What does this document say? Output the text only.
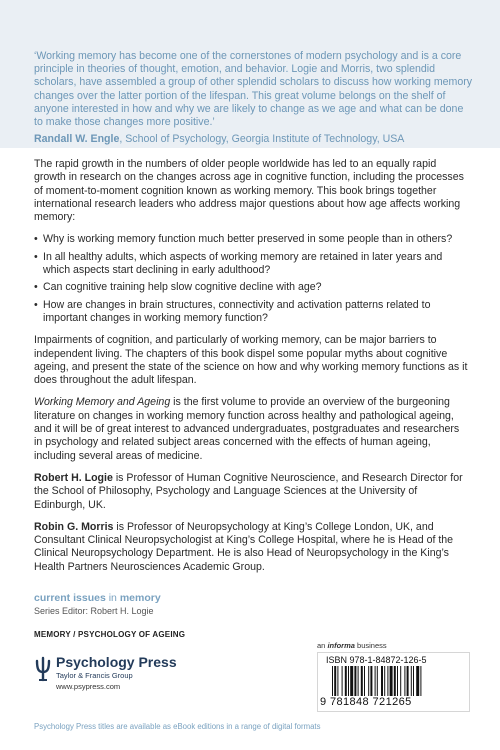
‘Working memory has become one of the cornerstones of modern psychology and is a core principle in theories of thought, emotion, and behavior. Logie and Morris, two splendid scholars, have assembled a group of other splendid scholars to discuss how working memory changes over the latter portion of the lifespan. This great volume belongs on the shelf of anyone interested in how and why we are likely to change as we age and what can be done to make those changes more positive.’

Randall W. Engle, School of Psychology, Georgia Institute of Technology, USA

The rapid growth in the numbers of older people worldwide has led to an equally rapid growth in research on the changes across age in cognitive function, including the processes of moment-to-moment cognition known as working memory. This book brings together international research leaders who address major questions about how age affects working memory:

• Why is working memory function much better preserved in some people than in others?
• In all healthy adults, which aspects of working memory are retained in later years and which aspects start declining in early adulthood?
• Can cognitive training help slow cognitive decline with age?
• How are changes in brain structures, connectivity and activation patterns related to important changes in working memory function?

Impairments of cognition, and particularly of working memory, can be major barriers to independent living. The chapters of this book dispel some popular myths about cognitive ageing, and present the state of the science on how and why working memory functions as it does throughout the adult lifespan.

Working Memory and Ageing is the first volume to provide an overview of the burgeoning literature on changes in working memory function across healthy and pathological ageing, and it will be of great interest to advanced undergraduates, postgraduates and researchers in psychology and related subject areas concerned with the effects of human ageing, including several areas of medicine.

Robert H. Logie is Professor of Human Cognitive Neuroscience, and Research Director for the School of Philosophy, Psychology and Language Sciences at the University of Edinburgh, UK.

Robin G. Morris is Professor of Neuropsychology at King’s College London, UK, and Consultant Clinical Neuropsychologist at King’s College Hospital, where he is Head of the Clinical Neuropsychology Department. He is also Head of Neuropsychology in the King’s Health Partners Neurosciences Academic Group.

current issues in memory
Series Editor: Robert H. Logie
MEMORY / PSYCHOLOGY OF AGEING
Psychology Press
Taylor & Francis Group
www.psypress.com
Psychology Press titles are available as eBook editions in a range of digital formats
an informa business
ISBN 978-1-84872-126-5
9 781848 721265
